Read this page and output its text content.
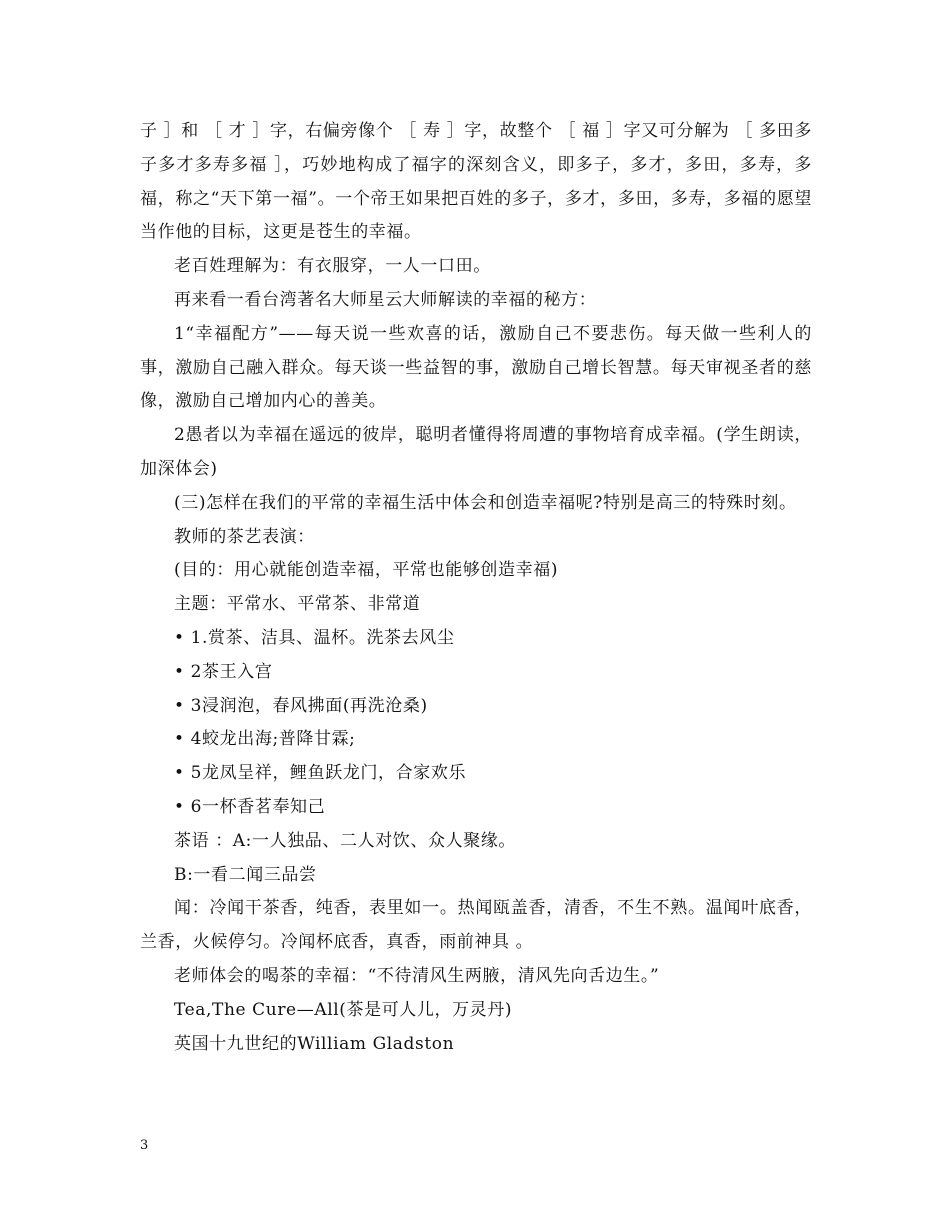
子 ］和 ［ 才 ］字，右偏旁像个 ［ 寿 ］字，故整个 ［ 福 ］字又可分解为 ［ 多田多子多才多寿多福 ］，巧妙地构成了福字的深刻含义，即多子，多才，多田，多寿，多福，称之“天下第一福”。一个帝王如果把百姓的多子，多才，多田，多寿，多福的愿望当作他的目标，这更是苍生的幸福。

老百姓理解为：有衣服穿，一人一口田。

再来看一看台湾著名大师星云大师解读的幸福的秘方：

1“幸福配方”——每天说一些欢喜的话，激励自己不要悲伤。每天做一些利人的事，激励自己融入群众。每天谈一些益智的事，激励自己增长智慧。每天审视圣者的慈像，激励自己增加内心的善美。

2愚者以为幸福在遥远的彼岸，聪明者懂得将周遭的事物培育成幸福。(学生朗读，加深体会)

(三)怎样在我们的平常的幸福生活中体会和创造幸福呢?特别是高三的特殊时刻。

教师的茶艺表演：

(目的：用心就能创造幸福，平常也能够创造幸福)

主题：平常水、平常茶、非常道

• 1.赏茶、洁具、温杯。洗茶去风尘

• 2茶王入宫

• 3浸润泡，春风拂面(再洗沧桑)

• 4蛟龙出海;普降甘霖;

• 5龙凤呈祥，鲤鱼跃龙门，合家欢乐

• 6一杯香茗奉知己

茶语 ：A:一人独品、二人对饮、众人聚缘。

B:一看二闻三品尝

闻：冷闻干茶香，纯香，表里如一。热闻瓯盖香，清香，不生不熟。温闻叶底香，兰香，火候停匀。冷闻杯底香，真香，雨前神具 。

老师体会的喝茶的幸福：“不待清风生两腋，清风先向舌边生。”

Tea,The Cure—All(茶是可人儿，万灵丹)

英国十九世纪的William Gladston

3
